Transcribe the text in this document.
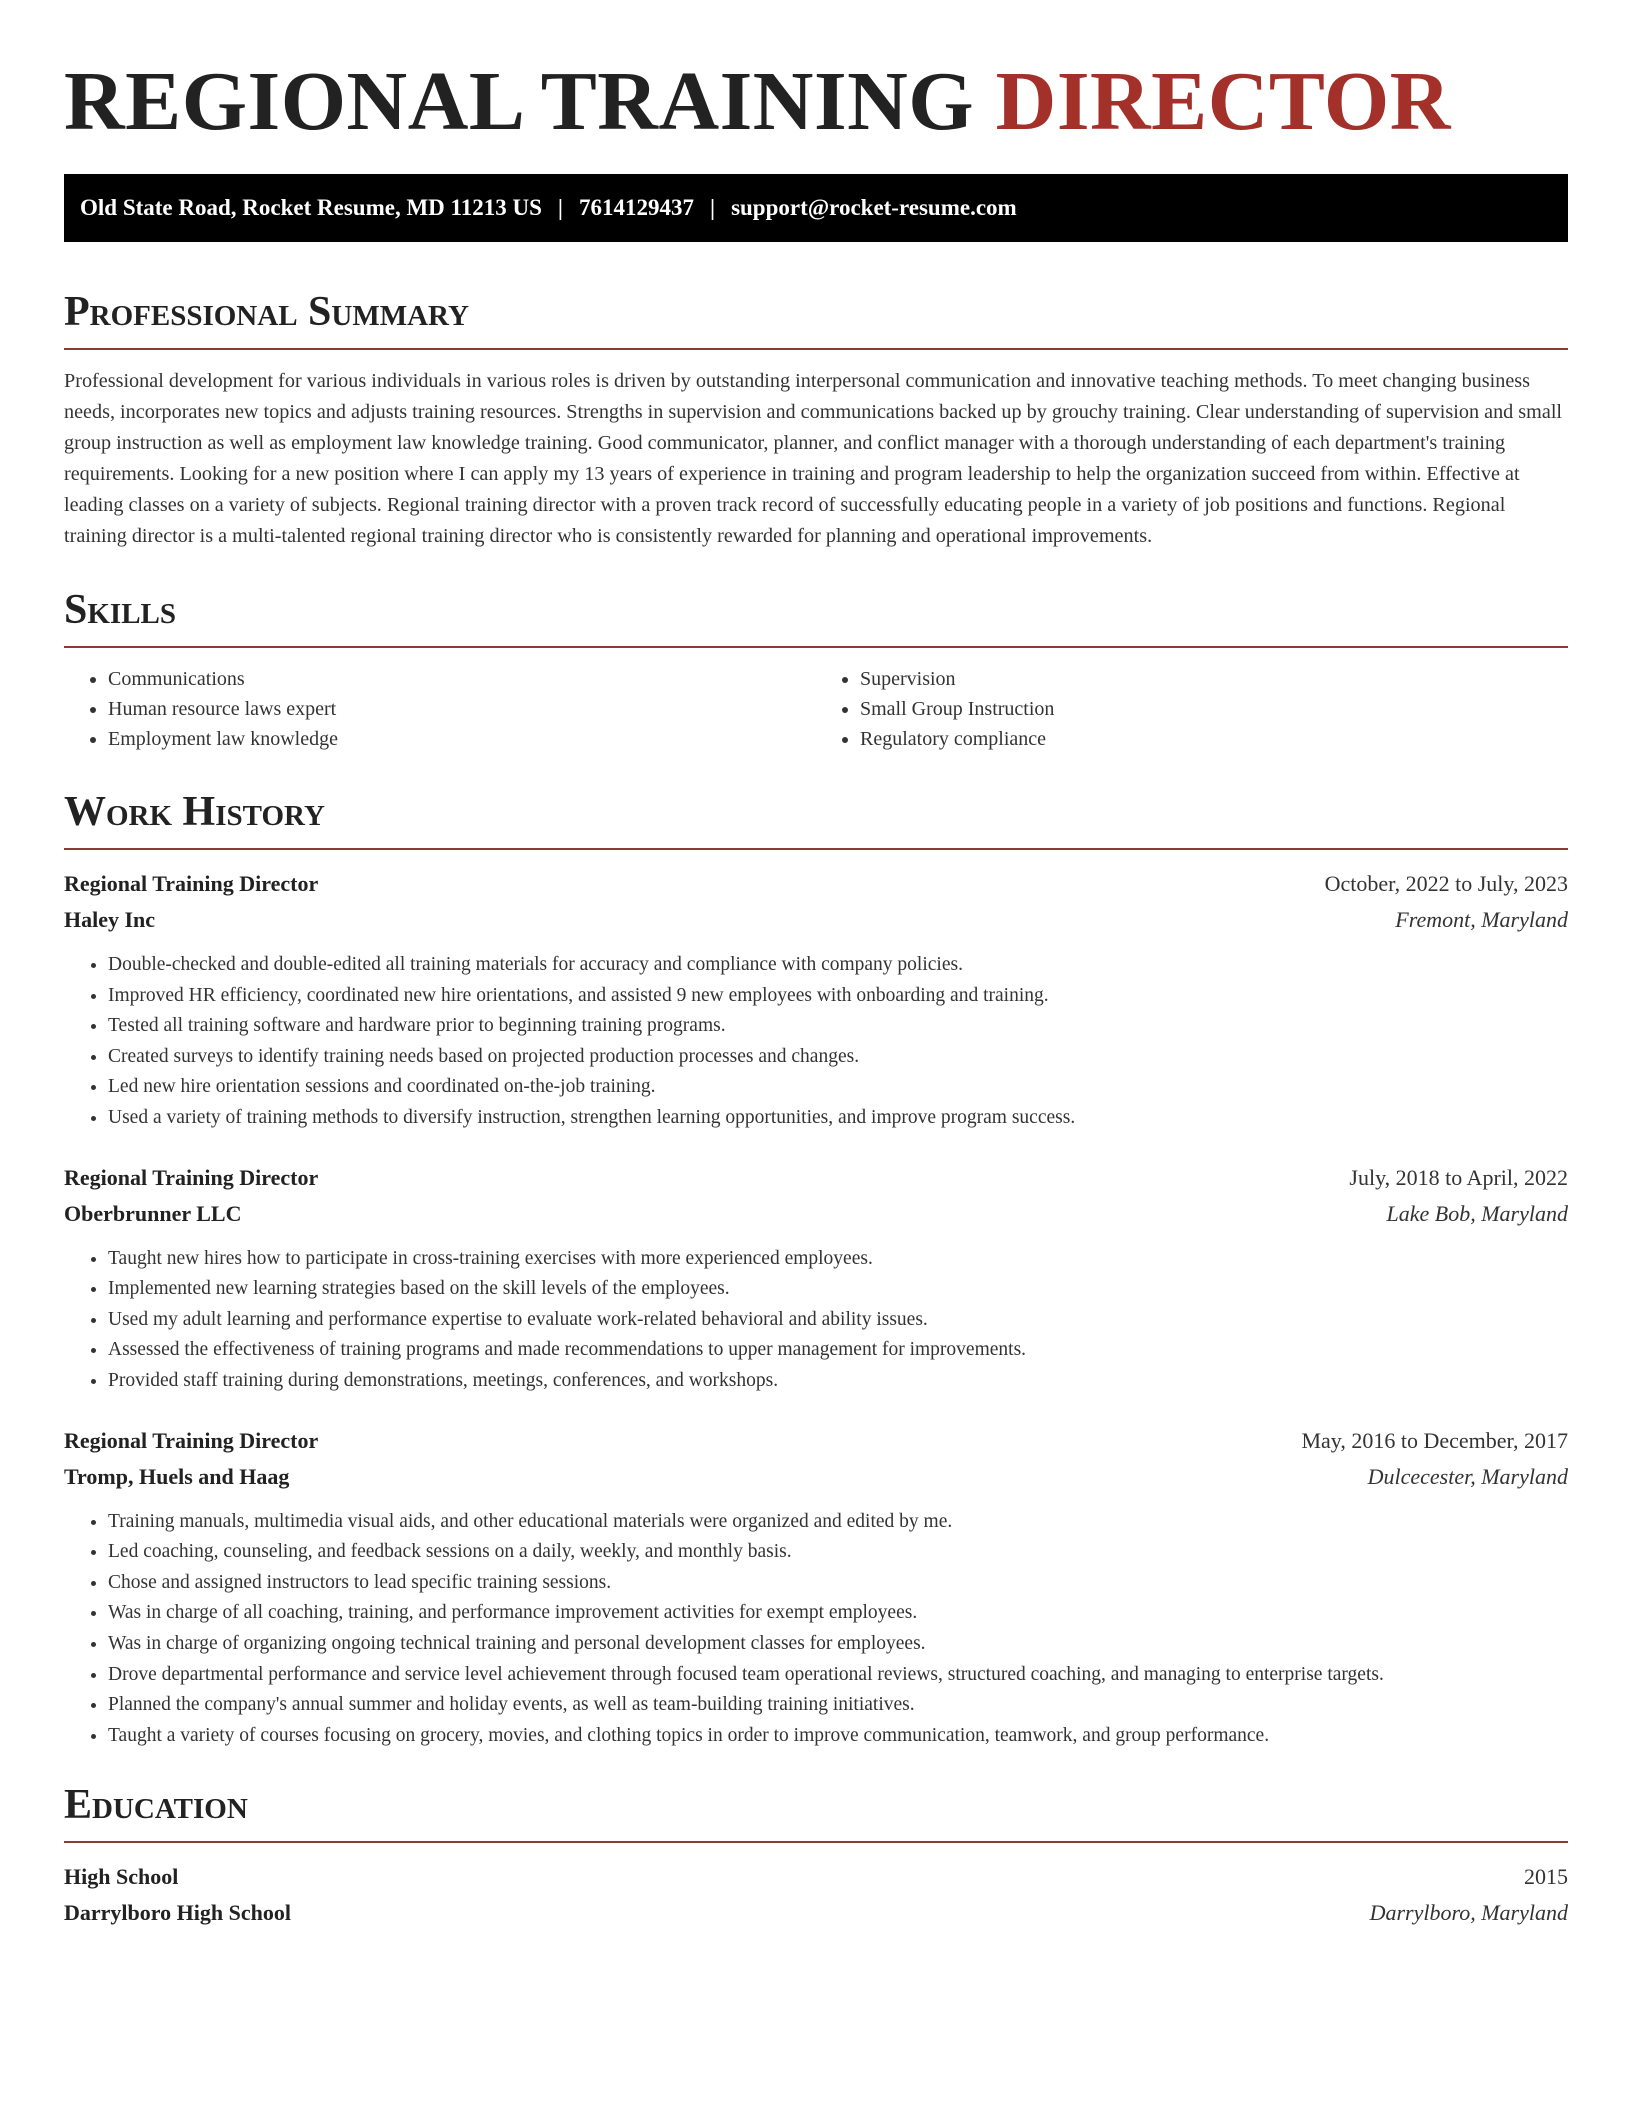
REGIONAL TRAINING DIRECTOR
Old State Road, Rocket Resume, MD 11213 US | 7614129437 | support@rocket-resume.com
Professional Summary

Professional development for various individuals in various roles is driven by outstanding interpersonal communication and innovative teaching methods. To meet changing business needs, incorporates new topics and adjusts training resources. Strengths in supervision and communications backed up by grouchy training. Clear understanding of supervision and small group instruction as well as employment law knowledge training. Good communicator, planner, and conflict manager with a thorough understanding of each department's training requirements. Looking for a new position where I can apply my 13 years of experience in training and program leadership to help the organization succeed from within. Effective at leading classes on a variety of subjects. Regional training director with a proven track record of successfully educating people in a variety of job positions and functions. Regional training director is a multi-talented regional training director who is consistently rewarded for planning and operational improvements.

Skills
• Communications
• Human resource laws expert
• Employment law knowledge
• Supervision
• Small Group Instruction
• Regulatory compliance
Work History
Regional Training Director	October, 2022 to July, 2023
Haley Inc	Fremont, Maryland
• Double-checked and double-edited all training materials for accuracy and compliance with company policies.
• Improved HR efficiency, coordinated new hire orientations, and assisted 9 new employees with onboarding and training.
• Tested all training software and hardware prior to beginning training programs.
• Created surveys to identify training needs based on projected production processes and changes.
• Led new hire orientation sessions and coordinated on-the-job training.
• Used a variety of training methods to diversify instruction, strengthen learning opportunities, and improve program success.
Regional Training Director	July, 2018 to April, 2022
Oberbrunner LLC	Lake Bob, Maryland
• Taught new hires how to participate in cross-training exercises with more experienced employees.
• Implemented new learning strategies based on the skill levels of the employees.
• Used my adult learning and performance expertise to evaluate work-related behavioral and ability issues.
• Assessed the effectiveness of training programs and made recommendations to upper management for improvements.
• Provided staff training during demonstrations, meetings, conferences, and workshops.
Regional Training Director	May, 2016 to December, 2017
Tromp, Huels and Haag	Dulcecester, Maryland
• Training manuals, multimedia visual aids, and other educational materials were organized and edited by me.
• Led coaching, counseling, and feedback sessions on a daily, weekly, and monthly basis.
• Chose and assigned instructors to lead specific training sessions.
• Was in charge of all coaching, training, and performance improvement activities for exempt employees.
• Was in charge of organizing ongoing technical training and personal development classes for employees.
• Drove departmental performance and service level achievement through focused team operational reviews, structured coaching, and managing to enterprise targets.
• Planned the company's annual summer and holiday events, as well as team-building training initiatives.
• Taught a variety of courses focusing on grocery, movies, and clothing topics in order to improve communication, teamwork, and group performance.
Education
High School	2015
Darrylboro High School	Darrylboro, Maryland
